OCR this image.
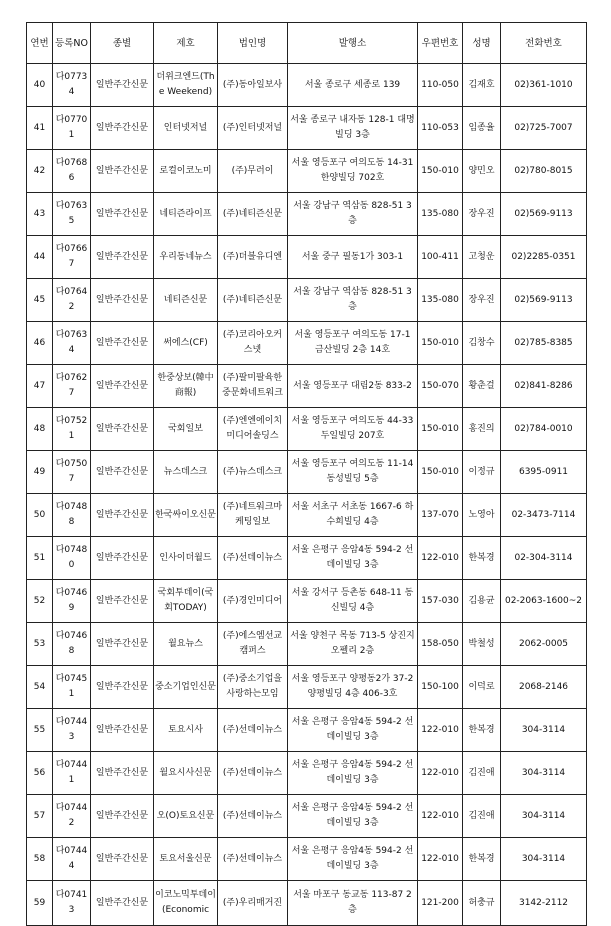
연번	등록NO	종별	제호	법인명	발행소	우편번호	성명	전화번호

40	다07734	일반주간신문	더위크엔드(The Weekend)	(주)동아일보사	서울 종로구 세종로 139	110-050	김재호	02)361-1010

41	다07701	일반주간신문	인터넷저널	(주)인터넷저널	서울 종로구 내자동 128-1 대명빌딩 3층	110-053	임종율	02)725-7007

42	다07686	일반주간신문	로컬이코노미	(주)무러이	서울 영등포구 여의도동 14-31 한양빌딩 702호	150-010	양민오	02)780-8015

43	다07635	일반주간신문	네티즌라이프	(주)네티즌신문	서울 강남구 역삼동 828-51 3층	135-080	장우진	02)569-9113

44	다07667	일반주간신문	우리동네뉴스	(주)더블유디엔	서울 중구 필동1가 303-1	100-411	고청운	02)2285-0351

45	다07642	일반주간신문	네티즌신문	(주)네티즌신문	서울 강남구 역삼동 828-51 3층	135-080	장우진	02)569-9113

46	다07634	일반주간신문	써에스(CF)	(주)코리아오커스넷	서울 영등포구 여의도동 17-1 금산빌딩 2층 14호	150-010	김창수	02)785-8385

47	다07627	일반주간신문	한중상보(韓中商報)	(주)팔미팔육한중문화네트워크	서울 영등포구 대림2동 833-2	150-070	황춘걸	02)841-8286

48	다07521	일반주간신문	국회일보	(주)엔엔에이치미디어솔딩스	서울 영등포구 여의도동 44-33 두일빌딩 207호	150-010	홍진의	02)784-0010

49	다07507	일반주간신문	뉴스데스크	(주)뉴스데스크	서울 영등포구 여의도동 11-14 동성빌딩 5층	150-010	이정규	6395-0911

50	다07488	일반주간신문	한국싸이오신문	(주)네트워크마케팅일보	서울 서초구 서초동 1667-6 하수희빌딩 4층	137-070	노영아	02-3473-7114

51	다07480	일반주간신문	인사이더월드	(주)선데이뉴스	서울 은평구 응암4동 594-2 선데이빌딩 3층	122-010	한복경	02-304-3114

52	다07469	일반주간신문	국회투데이(국회TODAY)	(주)경인미디어	서울 강서구 등촌동 648-11 동신빌딩 4층	157-030	김용균	02-2063-1600~2

53	다07468	일반주간신문	월요뉴스	(주)에스엠선교캠퍼스	서울 양천구 목동 713-5 상진지오펠리 2층	158-050	박철성	2062-0005

54	다07451	일반주간신문	중소기업인신문	(주)중소기업을사랑하는모임	서울 영등포구 양평동2가 37-2 양평빌딩 4층 406-3호	150-100	이덕로	2068-2146

55	다07443	일반주간신문	토요시사	(주)선데이뉴스	서울 은평구 응암4동 594-2 선데이빌딩 3층	122-010	한복경	304-3114

56	다07441	일반주간신문	월요시사신문	(주)선데이뉴스	서울 은평구 응암4동 594-2 선데이빌딩 3층	122-010	김진애	304-3114

57	다07442	일반주간신문	오(O)토요신문	(주)선데이뉴스	서울 은평구 응암4동 594-2 선데이빌딩 3층	122-010	김진애	304-3114

58	다07444	일반주간신문	토요서울신문	(주)선데이뉴스	서울 은평구 응암4동 594-2 선데이빌딩 3층	122-010	한복경	304-3114

59	다07413	일반주간신문	이코노믹투데이(Economic	(주)우리매거진	서울 마포구 동교동 113-87 2층	121-200	허충규	3142-2112
